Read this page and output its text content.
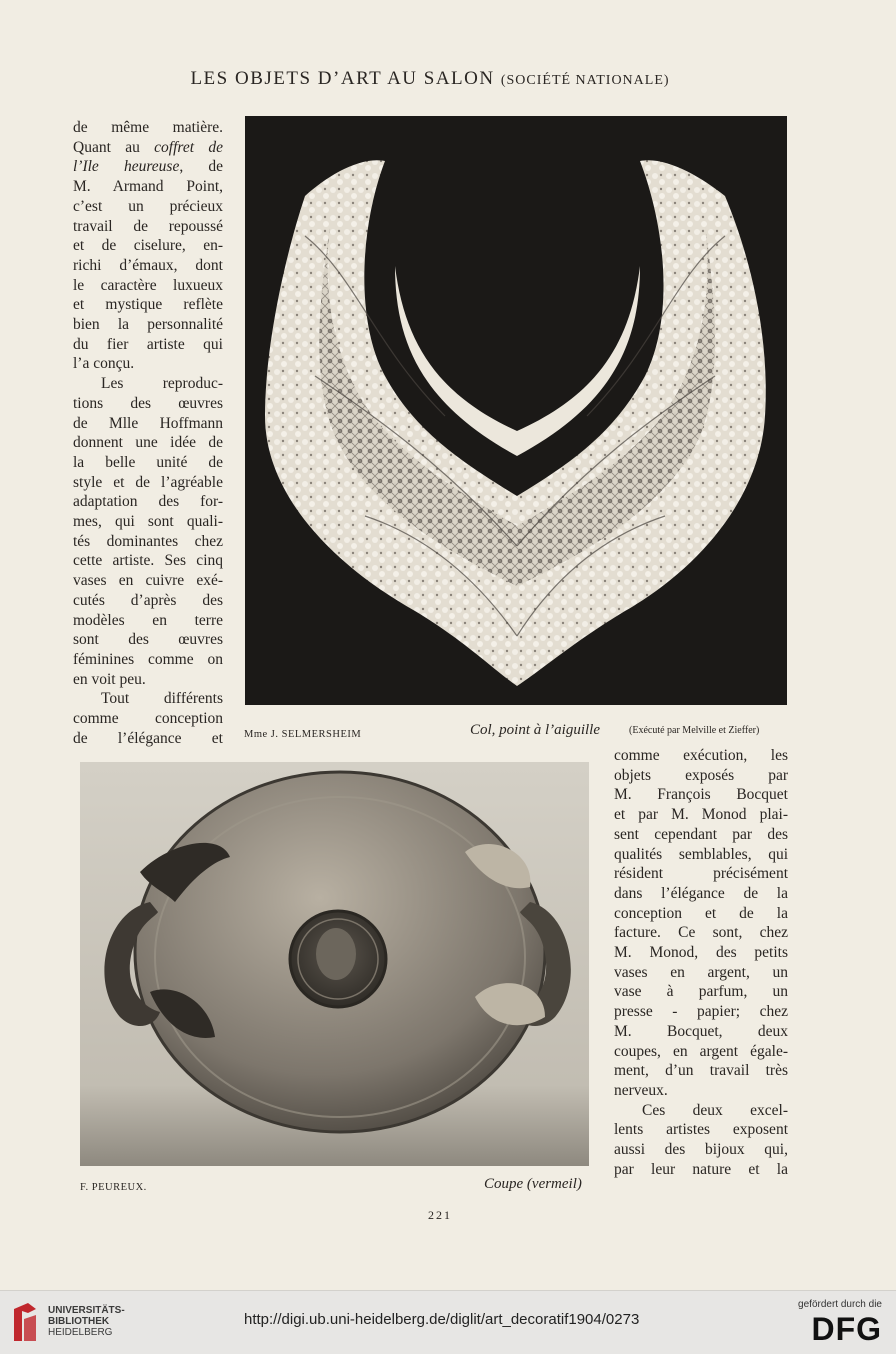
LES OBJETS D’ART AU SALON (SOCIÉTÉ NATIONALE)

de même matière.

Quant au coffret de

l’Ile heureuse, de

M. Armand Point,

c’est un précieux

travail de repoussé

et de ciselure, en-

richi d’émaux, dont

le caractère luxueux

et mystique reflète

bien la personnalité

du fier artiste qui

l’a conçu.

Les reproduc-

tions des œuvres

de Mlle Hoffmann

donnent une idée de

la belle unité de

style et de l’agréable

adaptation des for-

mes, qui sont quali-

tés dominantes chez

cette artiste. Ses cinq

vases en cuivre exé-

cutés d’après des

modèles en terre

sont des œuvres

féminines comme on

en voit peu.

Tout différents

comme conception

de l’élégance et Mme J. SELMERSHEIM	Col, point à l’aiguille	(Exécuté par Melville et Zieffer)
F. PEUREUX.	Coupe (vermeil)

comme exécution, les

objets exposés par

M. François Bocquet

et par M. Monod plai-

sent cependant par des

qualités semblables, qui

résident précisément

dans l’élégance de la

conception et de la

facture. Ce sont, chez

M. Monod, des petits

vases en argent, un

vase à parfum, un

presse - papier; chez

M. Bocquet, deux

coupes, en argent égale-

ment, d’un travail très

nerveux.

Ces deux excel-

lents artistes exposent

aussi des bijoux qui,

par leur nature et la

221
UNIVERSITÄTS-
BIBLIOTHEK
HEIDELBERG
http://digi.ub.uni-heidelberg.de/diglit/art_decoratif1904/0273
gefördert durch die
DFG
